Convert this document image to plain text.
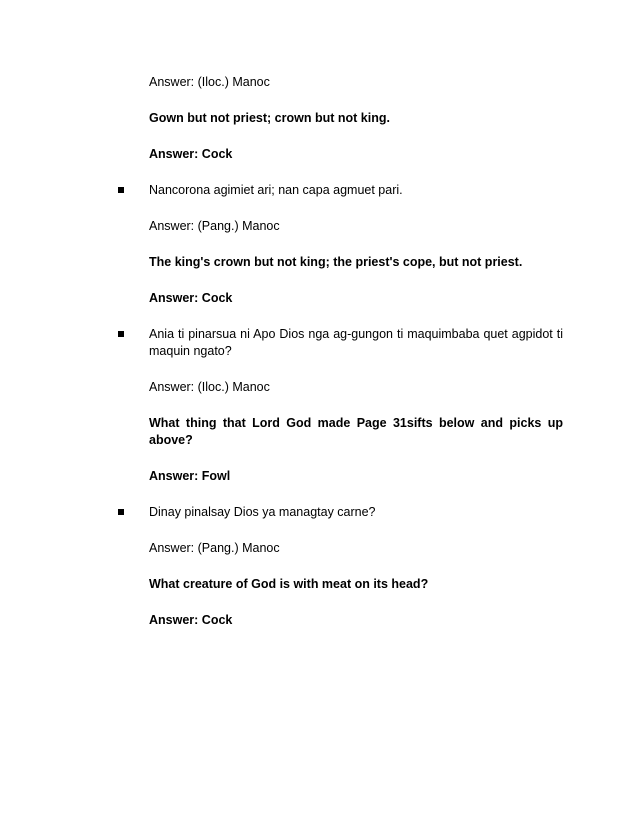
Answer: (Iloc.) Manoc

Gown but not priest; crown but not king.

Answer: Cock

Nancorona agimiet ari; nan capa agmuet pari.

Answer: (Pang.) Manoc

The king's crown but not king; the priest's cope, but not priest.

Answer: Cock

Ania ti pinarsua ni Apo Dios nga ag-gungon ti maquimbaba quet agpidot ti maquin ngato?

Answer: (Iloc.) Manoc

What thing that Lord God made Page 31sifts below and picks up above?

Answer: Fowl

Dinay pinalsay Dios ya managtay carne?

Answer: (Pang.) Manoc

What creature of God is with meat on its head?

Answer: Cock
